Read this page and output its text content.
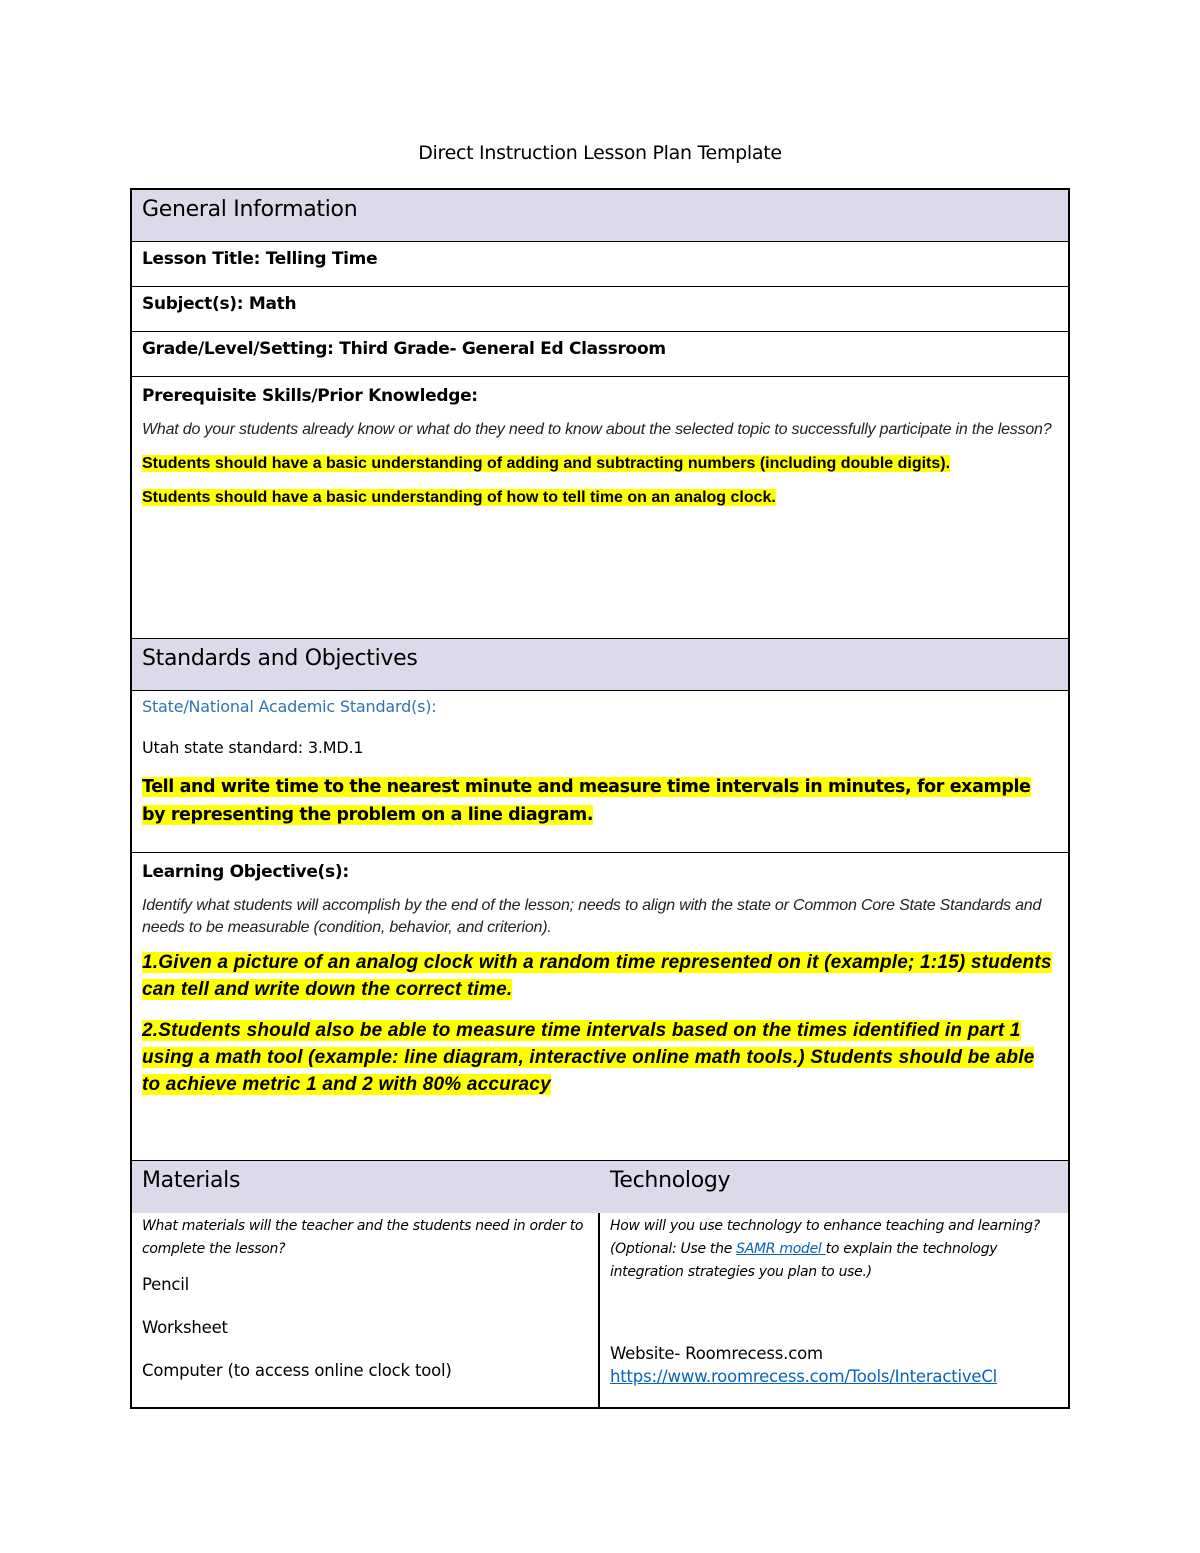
Direct Instruction Lesson Plan Template
General Information
Lesson Title: Telling Time
Subject(s): Math
Grade/Level/Setting: Third Grade- General Ed Classroom
Prerequisite Skills/Prior Knowledge:
What do your students already know or what do they need to know about the selected topic to successfully participate in the lesson?
Students should have a basic understanding of adding and subtracting numbers (including double digits).
Students should have a basic understanding of how to tell time on an analog clock.
Standards and Objectives
State/National Academic Standard(s):
Utah state standard: 3.MD.1
Tell and write time to the nearest minute and measure time intervals in minutes, for example by representing the problem on a line diagram.
Learning Objective(s):
Identify what students will accomplish by the end of the lesson; needs to align with the state or Common Core State Standards and needs to be measurable (condition, behavior, and criterion).
1.Given a picture of an analog clock with a random time represented on it (example; 1:15) students can tell and write down the correct time.
2.Students should also be able to measure time intervals based on the times identified in part 1 using a math tool (example: line diagram, interactive online math tools.) Students should be able to achieve metric 1 and 2 with 80% accuracy
Materials	Technology
What materials will the teacher and the students need in order to complete the lesson?
Pencil
Worksheet
Computer (to access online clock tool)
How will you use technology to enhance teaching and learning? (Optional: Use the SAMR model to explain the technology integration strategies you plan to use.)
Website- Roomrecess.com
https://www.roomrecess.com/Tools/InteractiveCl
